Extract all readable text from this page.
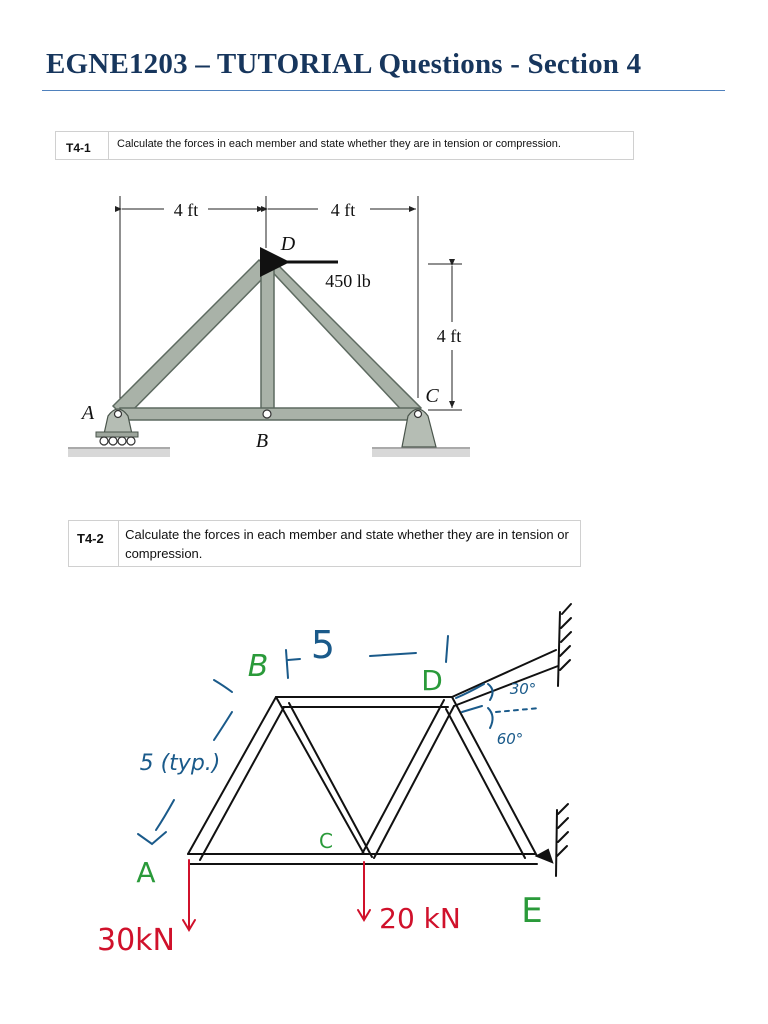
EGNE1203 – TUTORIAL Questions - Section 4
T4-1	Calculate the forces in each member and state whether they are in tension or compression.
4 ft	4 ft
4 ft
450 lb
A
B
C
D
T4-2	Calculate the forces in each member and state whether they are in tension or compression.
5
5 (typ.)
30°
60°
B	D
C
A
E
30kN
20 kN
